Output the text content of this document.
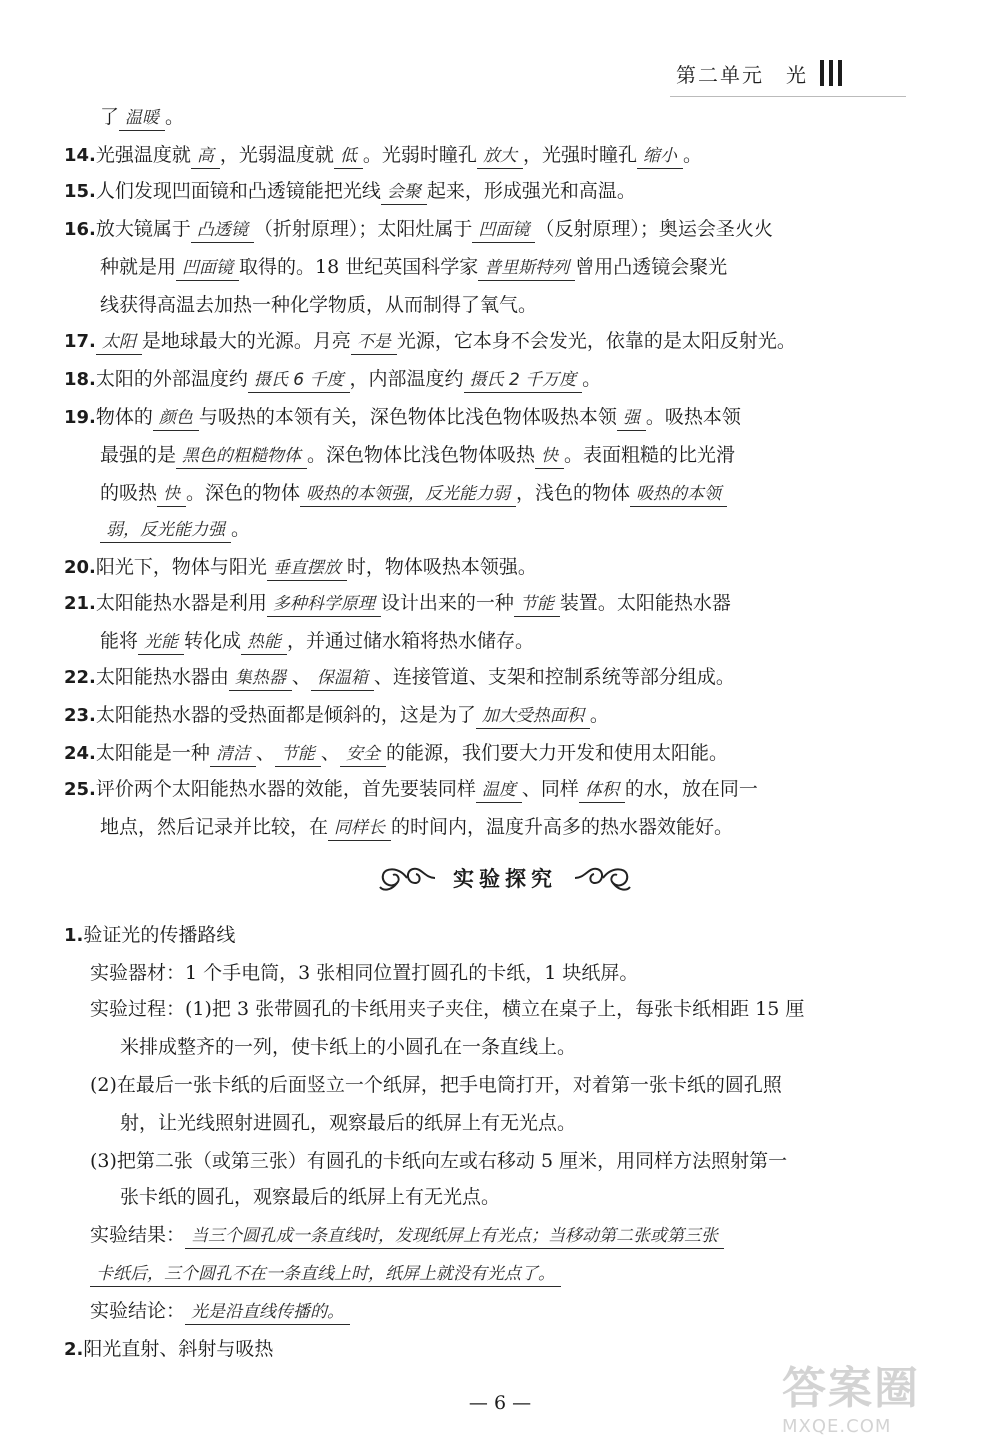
第二单元　光
了 温暖 。
14.光强温度就 高 ，光弱温度就 低 。光弱时瞳孔 放大 ，光强时瞳孔 缩小 。
15.人们发现凹面镜和凸透镜能把光线 会聚 起来，形成强光和高温。
16.放大镜属于 凸透镜 （折射原理）；太阳灶属于 凹面镜 （反射原理）；奥运会圣火火
种就是用 凹面镜 取得的。18 世纪英国科学家 普里斯特列 曾用凸透镜会聚光
线获得高温去加热一种化学物质，从而制得了氧气。
17. 太阳 是地球最大的光源。月亮 不是 光源，它本身不会发光，依靠的是太阳反射光。
18.太阳的外部温度约 摄氏 6 千度 ，内部温度约 摄氏 2 千万度 。
19.物体的 颜色 与吸热的本领有关，深色物体比浅色物体吸热本领 强 。吸热本领
最强的是 黑色的粗糙物体 。深色物体比浅色物体吸热 快 。表面粗糙的比光滑
的吸热 快 。深色的物体 吸热的本领强，反光能力弱 ，浅色的物体 吸热的本领
弱，反光能力强 。
20.阳光下，物体与阳光 垂直摆放 时，物体吸热本领强。
21.太阳能热水器是利用 多种科学原理 设计出来的一种 节能 装置。太阳能热水器
能将 光能 转化成 热能 ，并通过储水箱将热水储存。
22.太阳能热水器由 集热器 、 保温箱 、连接管道、支架和控制系统等部分组成。
23.太阳能热水器的受热面都是倾斜的，这是为了 加大受热面积 。
24.太阳能是一种 清洁 、 节能 、 安全 的能源，我们要大力开发和使用太阳能。
25.评价两个太阳能热水器的效能，首先要装同样 温度 、同样 体积 的水，放在同一
地点，然后记录并比较，在 同样长 的时间内，温度升高多的热水器效能好。
实验探究
1.验证光的传播路线
实验器材：1 个手电筒，3 张相同位置打圆孔的卡纸，1 块纸屏。
实验过程：(1)把 3 张带圆孔的卡纸用夹子夹住，横立在桌子上，每张卡纸相距 15 厘
米排成整齐的一列，使卡纸上的小圆孔在一条直线上。
(2)在最后一张卡纸的后面竖立一个纸屏，把手电筒打开，对着第一张卡纸的圆孔照
射，让光线照射进圆孔，观察最后的纸屏上有无光点。
(3)把第二张（或第三张）有圆孔的卡纸向左或右移动 5 厘米，用同样方法照射第一
张卡纸的圆孔，观察最后的纸屏上有无光点。
实验结果： 当三个圆孔成一条直线时，发现纸屏上有光点；当移动第二张或第三张
卡纸后，三个圆孔不在一条直线上时，纸屏上就没有光点了。
实验结论： 光是沿直线传播的。
2.阳光直射、斜射与吸热
— 6 —	答案圈
MXQE.COM
